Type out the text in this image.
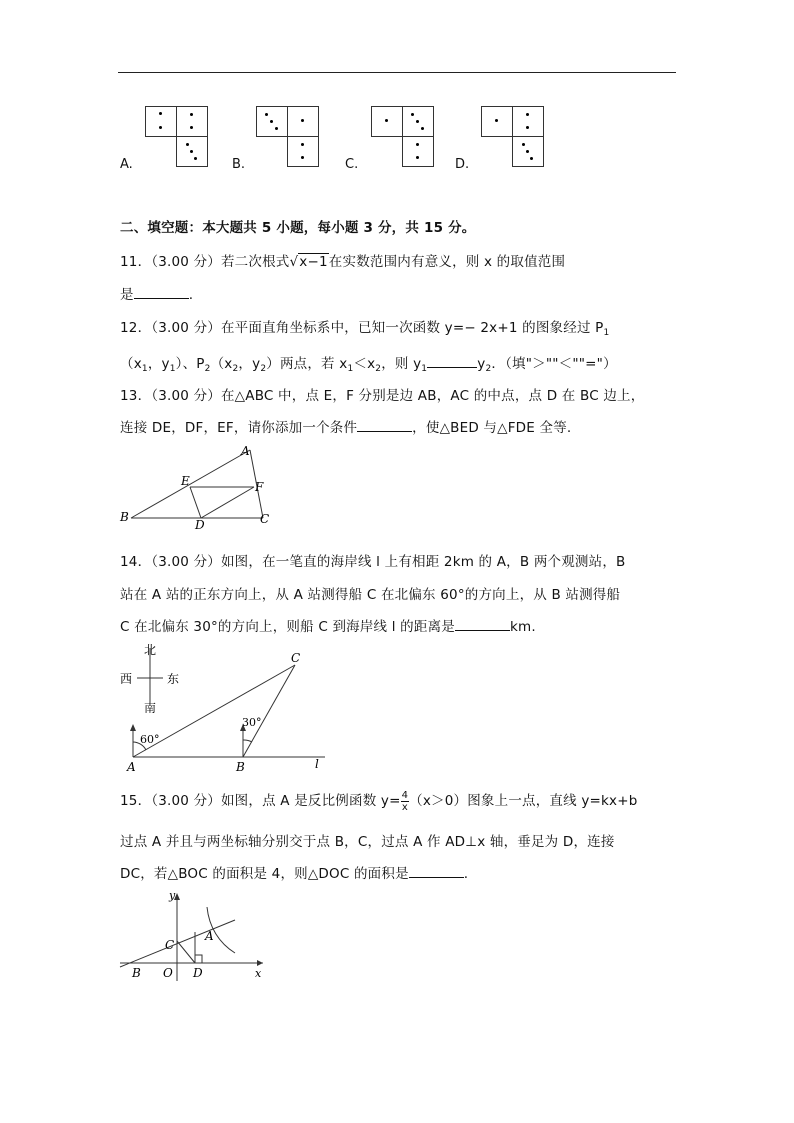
A.	B.	C.	D.
二、填空题：本大题共 5 小题，每小题 3 分，共 15 分。
11．（3.00 分）若二次根式√x−1在实数范围内有意义，则 x 的取值范围
是	.
12．（3.00 分）在平面直角坐标系中，已知一次函数 y=− 2x+1 的图象经过 $P_1$
（$x_1$，$y_1$）、$P_2(x_2$，$y_2$）两点，若 $x_1<x_2$，则 $y_1$	$y_2$．（填"＞""＜""="）
13．（3.00 分）在△ABC 中，点 E，F 分别是边 AB，AC 的中点，点 D 在 BC 边上，
连接 DE，DF，EF，请你添加一个条件	，使△BED 与△FDE 全等.
A
B	C
D
E	F
14．（3.00 分）如图，在一笔直的海岸线 l 上有相距 2km 的 A，B 两个观测站，B
站在 A 站的正东方向上，从 A 站测得船 C 在北偏东 60°的方向上，从 B 站测得船
C 在北偏东 30°的方向上，则船 C 到海岸线 l 的距离是	km.
北
南
西	东
60°
30°
A	B
C
l
15．（3.00 分）如图，点 A 是反比例函数 $y= \frac{4}{x}(x>0)$图象上一点，直线 y=kx+b
过点 A 并且与两坐标轴分别交于点 B，C，过点 A 作 AD⊥x 轴，垂足为 D，连接
DC，若△BOC 的面积是 4，则△DOC 的面积是	.
y
x
C
A
B O D
